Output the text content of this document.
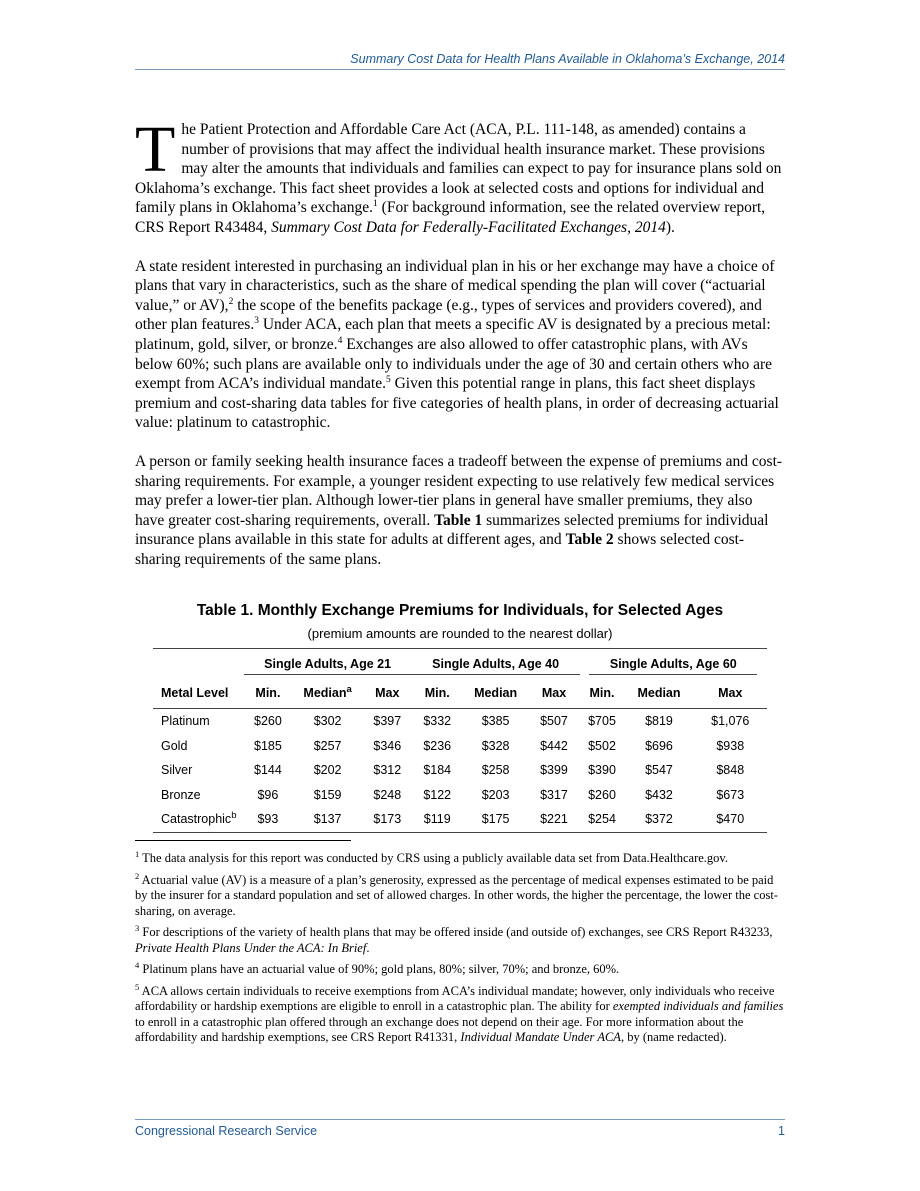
Summary Cost Data for Health Plans Available in Oklahoma’s Exchange, 2014

The Patient Protection and Affordable Care Act (ACA, P.L. 111-148, as amended) contains a number of provisions that may affect the individual health insurance market. These provisions may alter the amounts that individuals and families can expect to pay for insurance plans sold on Oklahoma’s exchange. This fact sheet provides a look at selected costs and options for individual and family plans in Oklahoma’s exchange.$^1$ (For background information, see the related overview report, CRS Report R43484, Summary Cost Data for Federally-Facilitated Exchanges, 2014).

A state resident interested in purchasing an individual plan in his or her exchange may have a choice of plans that vary in characteristics, such as the share of medical spending the plan will cover (“actuarial value,” or AV),$^2$ the scope of the benefits package (e.g., types of services and providers covered), and other plan features.$^3$ Under ACA, each plan that meets a specific AV is designated by a precious metal: platinum, gold, silver, or bronze.$^4$ Exchanges are also allowed to offer catastrophic plans, with AVs below 60%; such plans are available only to individuals under the age of 30 and certain others who are exempt from ACA’s individual mandate.$^5$ Given this potential range in plans, this fact sheet displays premium and cost-sharing data tables for five categories of health plans, in order of decreasing actuarial value: platinum to catastrophic.

A person or family seeking health insurance faces a tradeoff between the expense of premiums and cost-sharing requirements. For example, a younger resident expecting to use relatively few medical services may prefer a lower-tier plan. Although lower-tier plans in general have smaller premiums, they also have greater cost-sharing requirements, overall. Table 1 summarizes selected premiums for individual insurance plans available in this state for adults at different ages, and Table 2 shows selected cost-sharing requirements of the same plans.

Table 1. Monthly Exchange Premiums for Individuals, for Selected Ages
(premium amounts are rounded to the nearest dollar)

	Single Adults, Age 21			Single Adults, Age 40			Single Adults, Age 60		
Metal Level	Min.	Median$^a$	Max	Min.	Median	Max	Min.	Median	Max
Platinum	$260	$302	$397	$332	$385	$507	$705	$819	$1,076
Gold	$185	$257	$346	$236	$328	$442	$502	$696	$938
Silver	$144	$202	$312	$184	$258	$399	$390	$547	$848
Bronze	$96	$159	$248	$122	$203	$317	$260	$432	$673
Catastrophic$^b$	$93	$137	$173	$119	$175	$221	$254	$372	$470

$^1$ The data analysis for this report was conducted by CRS using a publicly available data set from Data.Healthcare.gov.

$^2$ Actuarial value (AV) is a measure of a plan’s generosity, expressed as the percentage of medical expenses estimated to be paid by the insurer for a standard population and set of allowed charges. In other words, the higher the percentage, the lower the cost-sharing, on average.

$^3$ For descriptions of the variety of health plans that may be offered inside (and outside of) exchanges, see CRS Report R43233, Private Health Plans Under the ACA: In Brief.

$^4$ Platinum plans have an actuarial value of 90%; gold plans, 80%; silver, 70%; and bronze, 60%.

$^5$ ACA allows certain individuals to receive exemptions from ACA’s individual mandate; however, only individuals who receive affordability or hardship exemptions are eligible to enroll in a catastrophic plan. The ability for exempted individuals and families to enroll in a catastrophic plan offered through an exchange does not depend on their age. For more information about the affordability and hardship exemptions, see CRS Report R41331, Individual Mandate Under ACA, by (name redacted).

Congressional Research Service	1
